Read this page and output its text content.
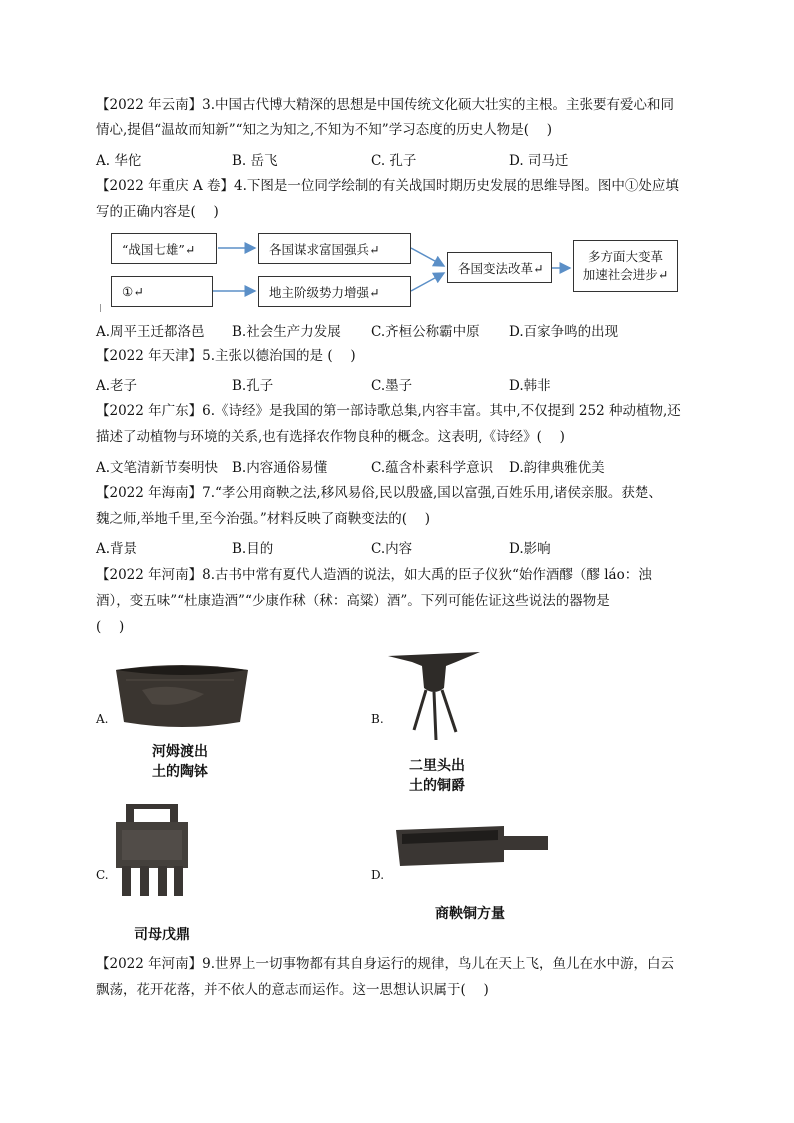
【2022 年云南】3.中国古代博大精深的思想是中国传统文化硕大壮实的主根。主张要有爱心和同
情心,提倡“温故而知新”“知之为知之,不知为不知”学习态度的历史人物是(　 )
A. 华佗	B. 岳飞	C. 孔子	D. 司马迁
【2022 年重庆 A 卷】4.下图是一位同学绘制的有关战国时期历史发展的思维导图。图中①处应填
写的正确内容是(　 )
“战国七雄”↵
①↵
各国谋求富国强兵↵
地主阶级势力增强↵
各国变法改革↵
多方面大变革
加速社会进步↵
A.周平王迁都洛邑 B.社会生产力发展 C.齐桓公称霸中原 D.百家争鸣的出现
【2022 年天津】5.主张以德治国的是 (　 )
A.老子	B.孔子	C.墨子	D.韩非
【2022 年广东】6.《诗经》是我国的第一部诗歌总集,内容丰富。其中,不仅提到 252 种动植物,还
描述了动植物与环境的关系,也有选择农作物良种的概念。这表明,《诗经》(　 )
A.文笔清新节奏明快 B.内容通俗易懂	C.蕴含朴素科学意识 D.韵律典雅优美
【2022 年海南】7.“孝公用商鞅之法,移风易俗,民以殷盛,国以富强,百姓乐用,诸侯亲服。获楚、
魏之师,举地千里,至今治强。”材料反映了商鞅变法的(　 )
A.背景	B.目的	C.内容	D.影响
【2022 年河南】8.古书中常有夏代人造酒的说法，如大禹的臣子仪狄“始作酒醪（醪 láo：浊
酒），变五味”“杜康造酒”“少康作秫（秫：高粱）酒”。下列可能佐证这些说法的器物是
(　 )
A.
河姆渡出
土的陶钵
B.
二里头出
土的铜爵
C.
司母戊鼎
D.
商鞅铜方量
【2022 年河南】9.世界上一切事物都有其自身运行的规律，鸟儿在天上飞，鱼儿在水中游，白云
飘荡，花开花落，并不依人的意志而运作。这一思想认识属于(　 )
